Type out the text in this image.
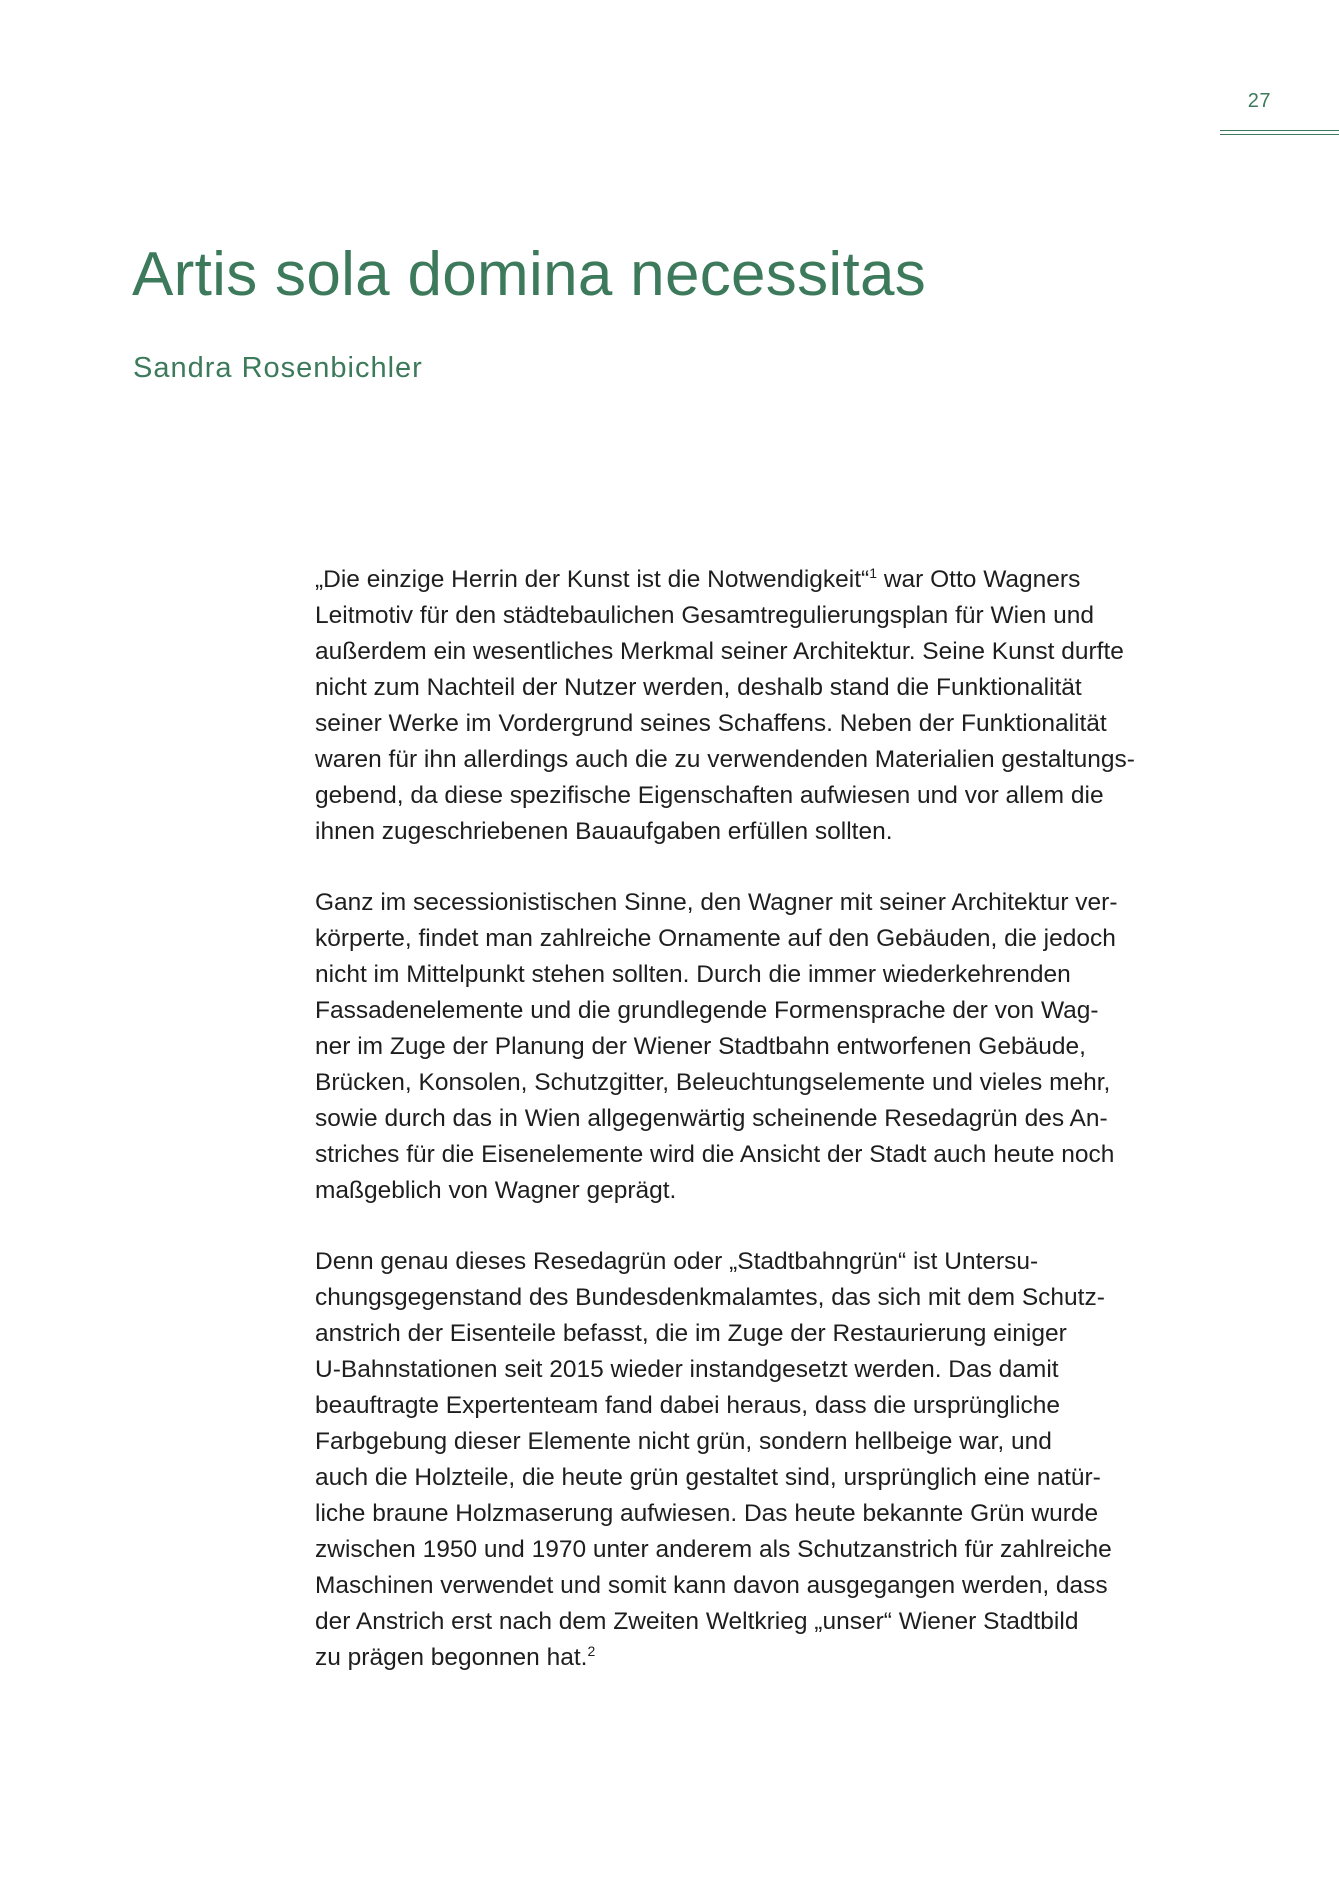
27
Artis sola domina necessitas
Sandra Rosenbichler

„Die einzige Herrin der Kunst ist die Notwendigkeit“$^1$ war Otto Wagners
Leitmotiv für den städtebaulichen Gesamtregulierungsplan für Wien und
außerdem ein wesentliches Merkmal seiner Architektur. Seine Kunst durfte
nicht zum Nachteil der Nutzer werden, deshalb stand die Funktionalität
seiner Werke im Vordergrund seines Schaffens. Neben der Funktionalität
waren für ihn allerdings auch die zu verwendenden Materialien gestaltungs-
gebend, da diese spezifische Eigenschaften aufwiesen und vor allem die
ihnen zugeschriebenen Bauaufgaben erfüllen sollten.

Ganz im secessionistischen Sinne, den Wagner mit seiner Architektur ver-
körperte, findet man zahlreiche Ornamente auf den Gebäuden, die jedoch
nicht im Mittelpunkt stehen sollten. Durch die immer wiederkehrenden
Fassadenelemente und die grundlegende Formensprache der von Wag-
ner im Zuge der Planung der Wiener Stadtbahn entworfenen Gebäude,
Brücken, Konsolen, Schutzgitter, Beleuchtungselemente und vieles mehr,
sowie durch das in Wien allgegenwärtig scheinende Resedagrün des An-
striches für die Eisenelemente wird die Ansicht der Stadt auch heute noch
maßgeblich von Wagner geprägt.

Denn genau dieses Resedagrün oder „Stadtbahngrün“ ist Untersu-
chungsgegenstand des Bundesdenkmalamtes, das sich mit dem Schutz-
anstrich der Eisenteile befasst, die im Zuge der Restaurierung einiger
U-Bahnstationen seit 2015 wieder instandgesetzt werden. Das damit
beauftragte Expertenteam fand dabei heraus, dass die ursprüngliche
Farbgebung dieser Elemente nicht grün, sondern hellbeige war, und
auch die Holzteile, die heute grün gestaltet sind, ursprünglich eine natür-
liche braune Holzmaserung aufwiesen. Das heute bekannte Grün wurde
zwischen 1950 und 1970 unter anderem als Schutzanstrich für zahlreiche
Maschinen verwendet und somit kann davon ausgegangen werden, dass
der Anstrich erst nach dem Zweiten Weltkrieg „unser“ Wiener Stadtbild
zu prägen begonnen hat.$^2$
